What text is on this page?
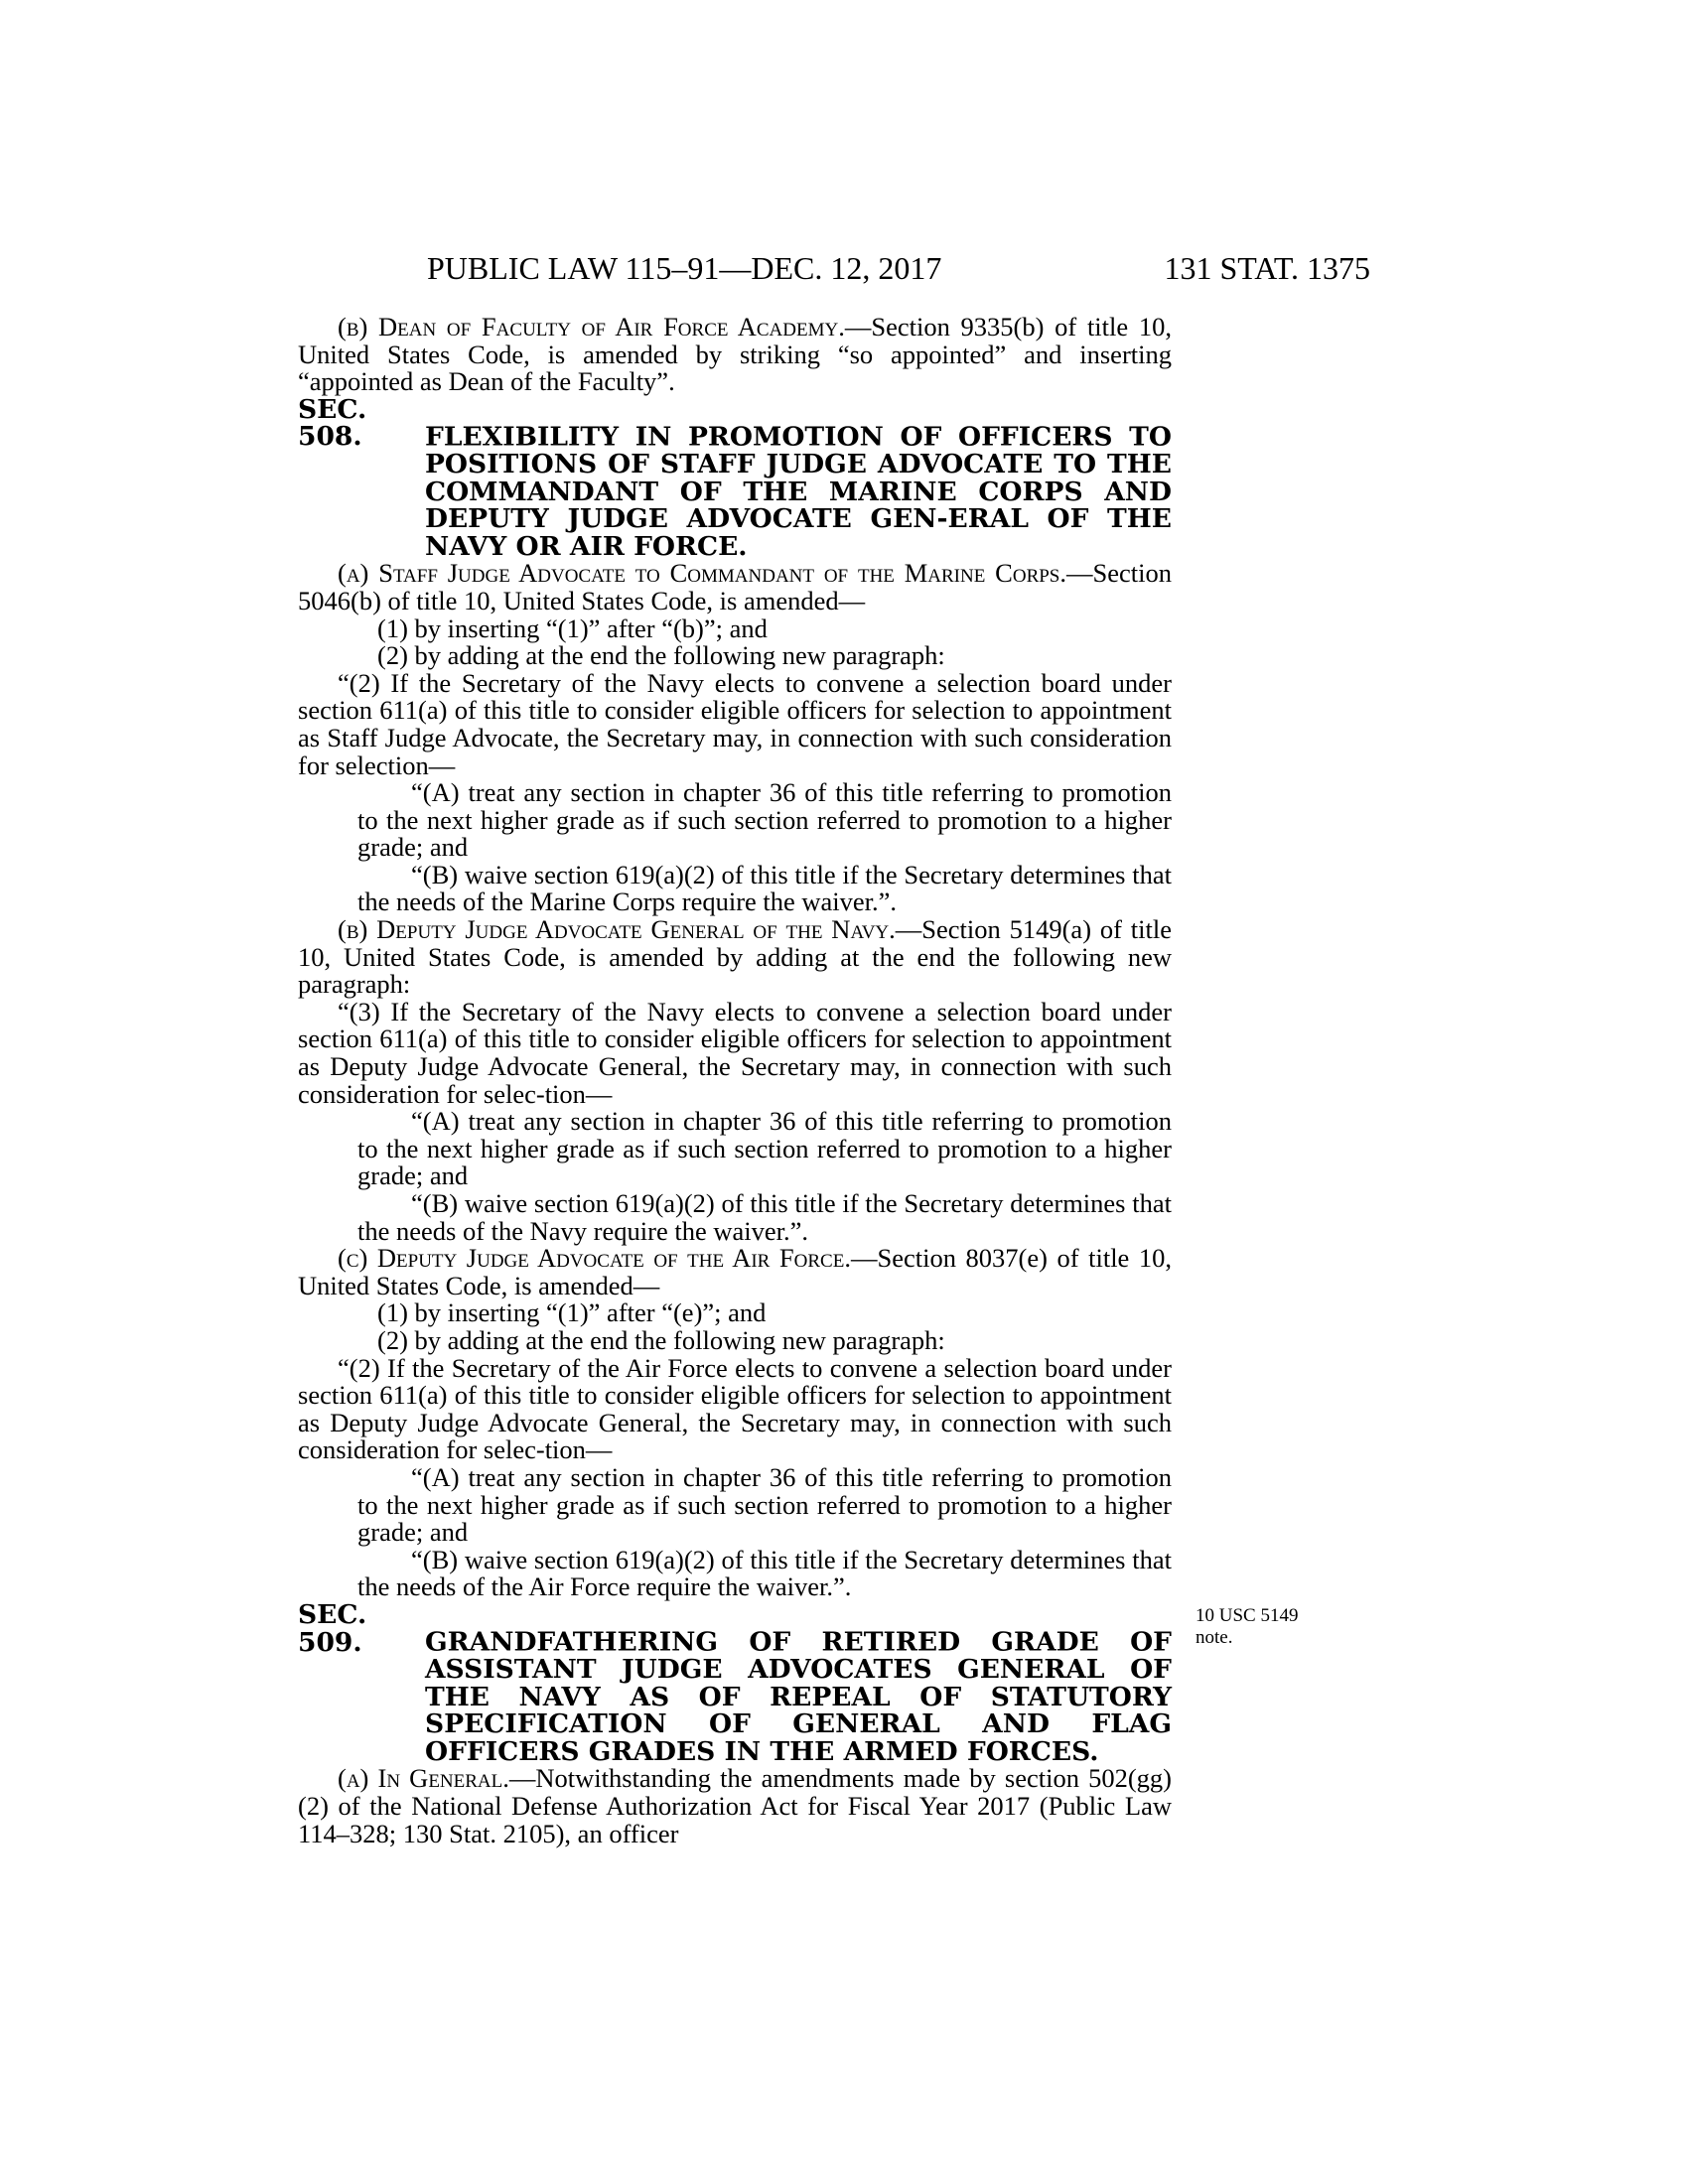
PUBLIC LAW 115–91—DEC. 12, 2017	131 STAT. 1375

(b) Dean of Faculty of Air Force Academy.—Section 9335(b) of title 10, United States Code, is amended by striking “so appointed” and inserting “appointed as Dean of the Faculty”.

SEC. 508. FLEXIBILITY IN PROMOTION OF OFFICERS TO POSITIONS OF STAFF JUDGE ADVOCATE TO THE COMMANDANT OF THE MARINE CORPS AND DEPUTY JUDGE ADVOCATE GEN-ERAL OF THE NAVY OR AIR FORCE.

(a) Staff Judge Advocate to Commandant of the Marine Corps.—Section 5046(b) of title 10, United States Code, is amended—

(1) by inserting “(1)” after “(b)”; and

(2) by adding at the end the following new paragraph:

“(2) If the Secretary of the Navy elects to convene a selection board under section 611(a) of this title to consider eligible officers for selection to appointment as Staff Judge Advocate, the Secretary may, in connection with such consideration for selection—

“(A) treat any section in chapter 36 of this title referring to promotion to the next higher grade as if such section referred to promotion to a higher grade; and

“(B) waive section 619(a)(2) of this title if the Secretary determines that the needs of the Marine Corps require the waiver.”.

(b) Deputy Judge Advocate General of the Navy.—Section 5149(a) of title 10, United States Code, is amended by adding at the end the following new paragraph:

“(3) If the Secretary of the Navy elects to convene a selection board under section 611(a) of this title to consider eligible officers for selection to appointment as Deputy Judge Advocate General, the Secretary may, in connection with such consideration for selec-tion—

“(A) treat any section in chapter 36 of this title referring to promotion to the next higher grade as if such section referred to promotion to a higher grade; and

“(B) waive section 619(a)(2) of this title if the Secretary determines that the needs of the Navy require the waiver.”.

(c) Deputy Judge Advocate of the Air Force.—Section 8037(e) of title 10, United States Code, is amended—

(1) by inserting “(1)” after “(e)”; and

(2) by adding at the end the following new paragraph:

“(2) If the Secretary of the Air Force elects to convene a selection board under section 611(a) of this title to consider eligible officers for selection to appointment as Deputy Judge Advocate General, the Secretary may, in connection with such consideration for selec-tion—

“(A) treat any section in chapter 36 of this title referring to promotion to the next higher grade as if such section referred to promotion to a higher grade; and

“(B) waive section 619(a)(2) of this title if the Secretary determines that the needs of the Air Force require the waiver.”.

SEC. 509. GRANDFATHERING OF RETIRED GRADE OF ASSISTANT JUDGE ADVOCATES GENERAL OF THE NAVY AS OF REPEAL OF STATUTORY SPECIFICATION OF GENERAL AND FLAG OFFICERS GRADES IN THE ARMED FORCES.

(a) In General.—Notwithstanding the amendments made by section 502(gg)(2) of the National Defense Authorization Act for Fiscal Year 2017 (Public Law 114–328; 130 Stat. 2105), an officer

10 USC 5149
note.
